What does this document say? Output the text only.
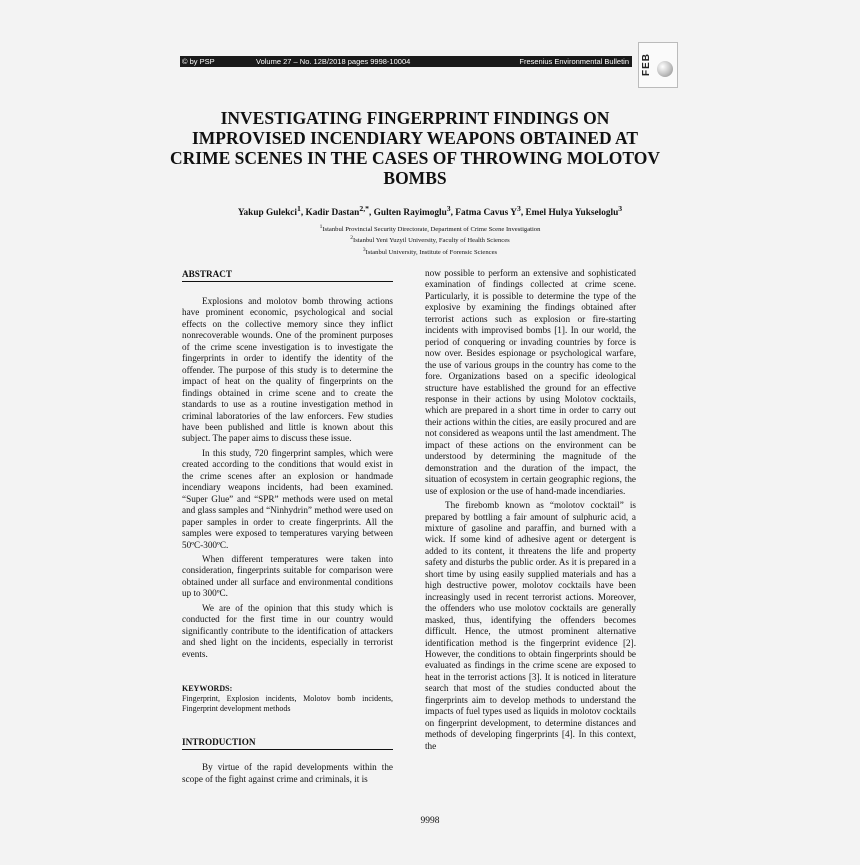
© by PSP	Volume 27 – No. 12B/2018 pages 9998-10004	Fresenius Environmental Bulletin FEB
INVESTIGATING FINGERPRINT FINDINGS ON IMPROVISED INCENDIARY WEAPONS OBTAINED AT CRIME SCENES IN THE CASES OF THROWING MOLOTOV BOMBS
Yakup Gulekci$^1$, Kadir Dastan$^{2,*}$, Gulten Rayimoglu$^3$, Fatma Cavus $Y^3$, Emel Hulya Yukseloglu$^3$
$^1$Istanbul Provincial Security Directorate, Department of Crime Scene Investigation
$^2$Istanbul Yeni Yuzyil University, Faculty of Health Sciences
$^3$Istanbul University, Institute of Forensic Sciences
ABSTRACT

Explosions and molotov bomb throwing actions have prominent economic, psychological and social effects on the collective memory since they inflict nonrecoverable wounds. One of the prominent purposes of the crime scene investigation is to investigate the fingerprints in order to identify the identity of the offender. The purpose of this study is to determine the impact of heat on the quality of fingerprints on the findings obtained in crime scene and to create the standards to use as a routine investigation method in criminal laboratories of the law enforcers. Few studies have been published and little is known about this subject. The paper aims to discuss these issue.

In this study, 720 fingerprint samples, which were created according to the conditions that would exist in the crime scenes after an explosion or handmade incendiary weapons incidents, had been examined. “Super Glue” and “SPR” methods were used on metal and glass samples and “Ninhydrin” method were used on paper samples in order to create fingerprints. All the samples were exposed to temperatures varying between 50ºC-300ºC.

When different temperatures were taken into consideration, fingerprints suitable for comparison were obtained under all surface and environmental conditions up to 300ºC.

We are of the opinion that this study which is conducted for the first time in our country would significantly contribute to the identification of attackers and shed light on the incidents, especially in terrorist events.

KEYWORDS:
Fingerprint, Explosion incidents, Molotov bomb incidents, Fingerprint development methods
INTRODUCTION

By virtue of the rapid developments within the scope of the fight against crime and criminals, it is

now possible to perform an extensive and sophisticated examination of findings collected at crime scene. Particularly, it is possible to determine the type of the explosive by examining the findings obtained after terrorist actions such as explosion or fire-starting incidents with improvised bombs [1]. In our world, the period of conquering or invading countries by force is now over. Besides espionage or psychological warfare, the use of various groups in the country has come to the fore. Organizations based on a specific ideological structure have established the ground for an effective response in their actions by using Molotov cocktails, which are prepared in a short time in order to carry out their actions within the cities, are easily procured and are not considered as weapons until the last amendment. The impact of these actions on the environment can be understood by determining the magnitude of the demonstration and the duration of the impact, the situation of ecosystem in certain geographic regions, the use of explosion or the use of hand-made incendiaries.

The firebomb known as “molotov cocktail” is prepared by bottling a fair amount of sulphuric acid, a mixture of gasoline and paraffin, and burned with a wick. If some kind of adhesive agent or detergent is added to its content, it threatens the life and property safety and disturbs the public order. As it is prepared in a short time by using easily supplied materials and has a high destructive power, molotov cocktails have been increasingly used in recent terrorist actions. Moreover, the offenders who use molotov cocktails are generally masked, thus, identifying the offenders becomes difficult. Hence, the utmost prominent alternative identification method is the fingerprint evidence [2]. However, the conditions to obtain fingerprints should be evaluated as findings in the crime scene are exposed to heat in the terrorist actions [3]. It is noticed in literature search that most of the studies conducted about the fingerprints aim to develop methods to understand the impacts of fuel types used as liquids in molotov cocktails on fingerprint development, to determine distances and methods of developing fingerprints [4]. In this context, the

9998
